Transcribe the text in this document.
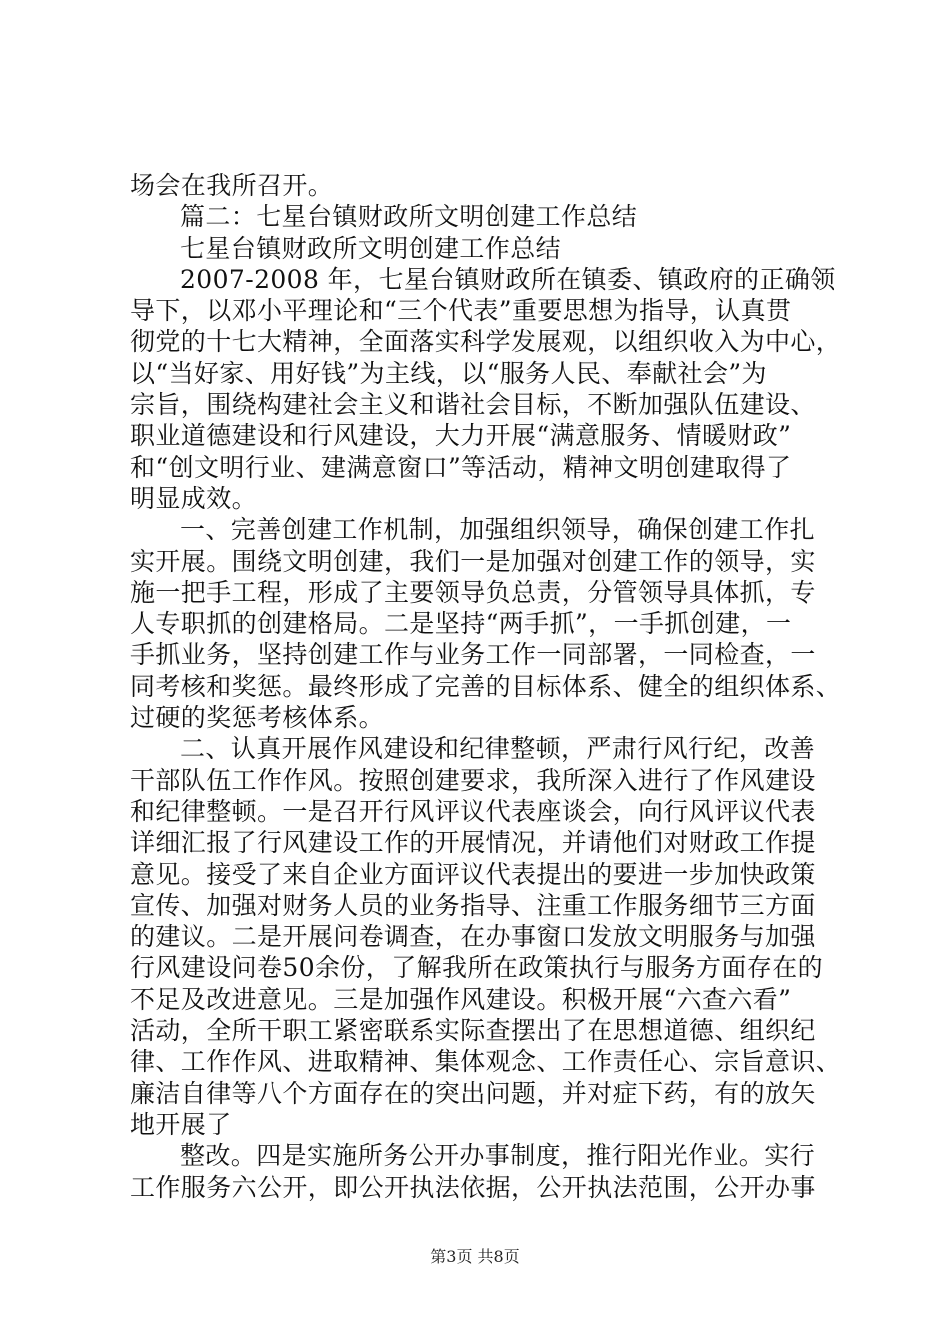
场会在我所召开。
篇二：七星台镇财政所文明创建工作总结
七星台镇财政所文明创建工作总结
2007-2008 年，七星台镇财政所在镇委、镇政府的正确领
导下，以邓小平理论和“三个代表”重要思想为指导，认真贯
彻党的十七大精神，全面落实科学发展观，以组织收入为中心，
以“当好家、用好钱”为主线，以“服务人民、奉献社会”为
宗旨，围绕构建社会主义和谐社会目标，不断加强队伍建设、
职业道德建设和行风建设，大力开展“满意服务、情暖财政”
和“创文明行业、建满意窗口”等活动，精神文明创建取得了
明显成效。
一、完善创建工作机制，加强组织领导，确保创建工作扎
实开展。围绕文明创建，我们一是加强对创建工作的领导，实
施一把手工程，形成了主要领导负总责，分管领导具体抓，专
人专职抓的创建格局。二是坚持“两手抓”，一手抓创建，一
手抓业务，坚持创建工作与业务工作一同部署，一同检查，一
同考核和奖惩。最终形成了完善的目标体系、健全的组织体系、
过硬的奖惩考核体系。
二、认真开展作风建设和纪律整顿，严肃行风行纪，改善
干部队伍工作作风。按照创建要求，我所深入进行了作风建设
和纪律整顿。一是召开行风评议代表座谈会，向行风评议代表
详细汇报了行风建设工作的开展情况，并请他们对财政工作提
意见。接受了来自企业方面评议代表提出的要进一步加快政策
宣传、加强对财务人员的业务指导、注重工作服务细节三方面
的建议。二是开展问卷调查，在办事窗口发放文明服务与加强
行风建设问卷50余份，了解我所在政策执行与服务方面存在的
不足及改进意见。三是加强作风建设。积极开展“六查六看”
活动，全所干职工紧密联系实际查摆出了在思想道德、组织纪
律、工作作风、进取精神、集体观念、工作责任心、宗旨意识、
廉洁自律等八个方面存在的突出问题，并对症下药，有的放矢
地开展了
整改。四是实施所务公开办事制度，推行阳光作业。实行
工作服务六公开，即公开执法依据，公开执法范围，公开办事
第3页 共8页
